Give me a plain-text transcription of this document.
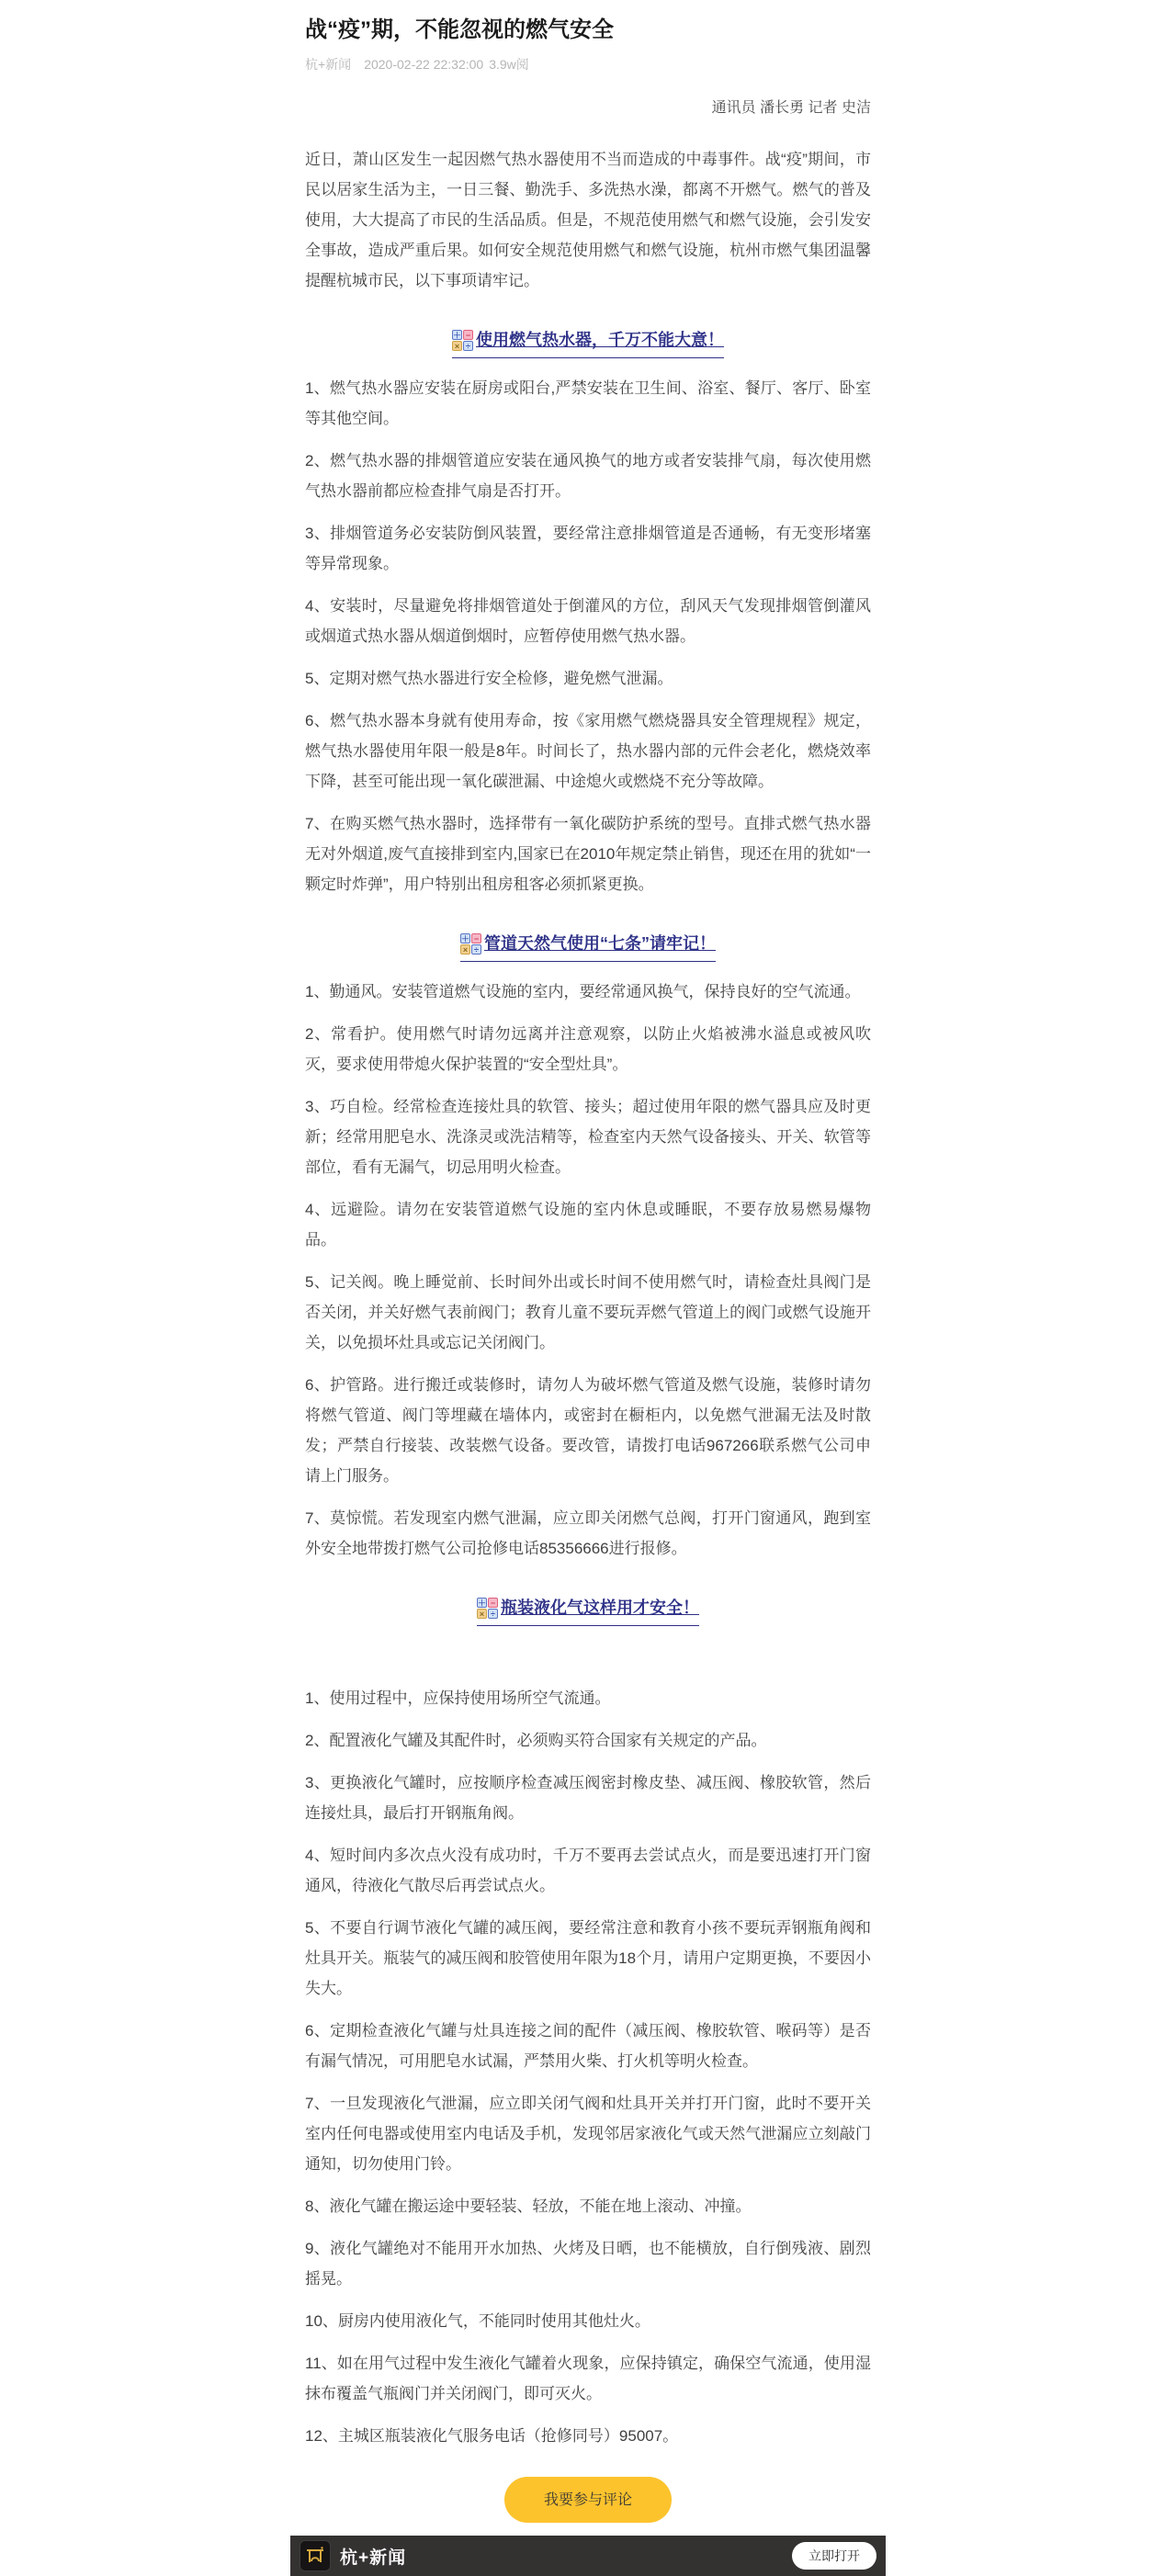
战“疫”期，不能忽视的燃气安全
杭+新闻 2020-02-22 22:32:00 3.9w阅
通讯员 潘长勇 记者 史洁

近日，萧山区发生一起因燃气热水器使用不当而造成的中毒事件。战“疫”期间，市民以居家生活为主，一日三餐、勤洗手、多洗热水澡，都离不开燃气。燃气的普及使用，大大提高了市民的生活品质。但是，不规范使用燃气和燃气设施，会引发安全事故，造成严重后果。如何安全规范使用燃气和燃气设施，杭州市燃气集团温馨提醒杭城市民，以下事项请牢记。

＋ −
× ÷ 使用燃气热水器，千万不能大意！

1、燃气热水器应安装在厨房或阳台,严禁安装在卫生间、浴室、餐厅、客厅、卧室等其他空间。

2、燃气热水器的排烟管道应安装在通风换气的地方或者安装排气扇，每次使用燃气热水器前都应检查排气扇是否打开。

3、排烟管道务必安装防倒风装置，要经常注意排烟管道是否通畅，有无变形堵塞等异常现象。

4、安装时，尽量避免将排烟管道处于倒灌风的方位，刮风天气发现排烟管倒灌风或烟道式热水器从烟道倒烟时，应暂停使用燃气热水器。

5、定期对燃气热水器进行安全检修，避免燃气泄漏。

6、燃气热水器本身就有使用寿命，按《家用燃气燃烧器具安全管理规程》规定，燃气热水器使用年限一般是8年。时间长了，热水器内部的元件会老化，燃烧效率下降，甚至可能出现一氧化碳泄漏、中途熄火或燃烧不充分等故障。

7、在购买燃气热水器时，选择带有一氧化碳防护系统的型号。直排式燃气热水器无对外烟道,废气直接排到室内,国家已在2010年规定禁止销售，现还在用的犹如“一颗定时炸弹”，用户特别出租房租客必须抓紧更换。

＋ −
× ÷ 管道天然气使用“七条”请牢记！

1、勤通风。安装管道燃气设施的室内，要经常通风换气，保持良好的空气流通。

2、常看护。使用燃气时请勿远离并注意观察，以防止火焰被沸水溢息或被风吹灭，要求使用带熄火保护装置的“安全型灶具”。

3、巧自检。经常检查连接灶具的软管、接头；超过使用年限的燃气器具应及时更新；经常用肥皂水、洗涤灵或洗洁精等，检查室内天然气设备接头、开关、软管等部位，看有无漏气，切忌用明火检查。

4、远避险。请勿在安装管道燃气设施的室内休息或睡眠，不要存放易燃易爆物品。

5、记关阀。晚上睡觉前、长时间外出或长时间不使用燃气时，请检查灶具阀门是否关闭，并关好燃气表前阀门；教育儿童不要玩弄燃气管道上的阀门或燃气设施开关，以免损坏灶具或忘记关闭阀门。

6、护管路。进行搬迁或装修时，请勿人为破坏燃气管道及燃气设施，装修时请勿将燃气管道、阀门等埋藏在墙体内，或密封在橱柜内，以免燃气泄漏无法及时散发；严禁自行接装、改装燃气设备。要改管，请拨打电话967266联系燃气公司申请上门服务。

7、莫惊慌。若发现室内燃气泄漏，应立即关闭燃气总阀，打开门窗通风，跑到室外安全地带拨打燃气公司抢修电话85356666进行报修。

＋ −
× ÷ 瓶装液化气这样用才安全！

1、使用过程中，应保持使用场所空气流通。

2、配置液化气罐及其配件时，必须购买符合国家有关规定的产品。

3、更换液化气罐时，应按顺序检查减压阀密封橡皮垫、减压阀、橡胶软管，然后连接灶具，最后打开钢瓶角阀。

4、短时间内多次点火没有成功时，千万不要再去尝试点火，而是要迅速打开门窗通风，待液化气散尽后再尝试点火。

5、不要自行调节液化气罐的减压阀，要经常注意和教育小孩不要玩弄钢瓶角阀和灶具开关。瓶装气的减压阀和胶管使用年限为18个月，请用户定期更换，不要因小失大。

6、定期检查液化气罐与灶具连接之间的配件（减压阀、橡胶软管、喉码等）是否有漏气情况，可用肥皂水试漏，严禁用火柴、打火机等明火检查。

7、一旦发现液化气泄漏，应立即关闭气阀和灶具开关并打开门窗，此时不要开关室内任何电器或使用室内电话及手机，发现邻居家液化气或天然气泄漏应立刻敲门通知，切勿使用门铃。

8、液化气罐在搬运途中要轻装、轻放，不能在地上滚动、冲撞。

9、液化气罐绝对不能用开水加热、火烤及日晒，也不能横放，自行倒残液、剧烈摇晃。

10、厨房内使用液化气，不能同时使用其他灶火。

11、如在用气过程中发生液化气罐着火现象，应保持镇定，确保空气流通，使用湿抹布覆盖气瓶阀门并关闭阀门，即可灭火。

12、主城区瓶装液化气服务电话（抢修同号）95007。

我要参与评论
杭+新闻	立即打开
